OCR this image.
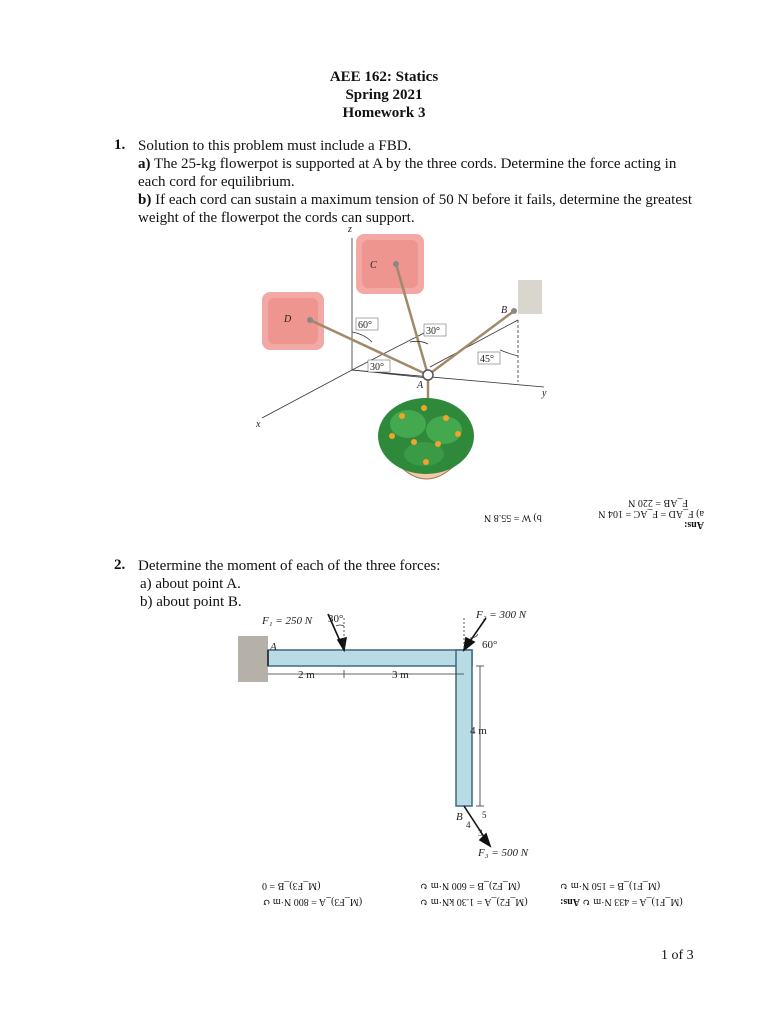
AEE 162: Statics
Spring 2021
Homework 3
1. Solution to this problem must include a FBD.
a) The 25-kg flowerpot is supported at A by the three cords. Determine the force acting in each cord for equilibrium.
b) If each cord can sustain a maximum tension of 50 N before it fails, determine the greatest weight of the flowerpot the cords can support.
z
x
y
A
B
C
D
60°
30°
30°
45°
Ans:
a) F_AD = F_AC = 104 N
F_AB = 220 N
b) W = 55.8 N
2. Determine the moment of each of the three forces:
a) about point A.
b) about point B.
F₁ = 250 N 30°	F₂ = 300 N
60°
F₃ = 500 N
A
B
2 m	3 m
4 m
5
4
3
(M_F1)_B = 150 N·m ↻
(M_F1)_A = 433 N·m ↻ Ans:
(M_F2)_B = 600 N·m ↻
(M_F2)_A = 1.30 kN·m ↻
(M_F3)_B = 0
(M_F3)_A = 800 N·m ↺
1 of 3
